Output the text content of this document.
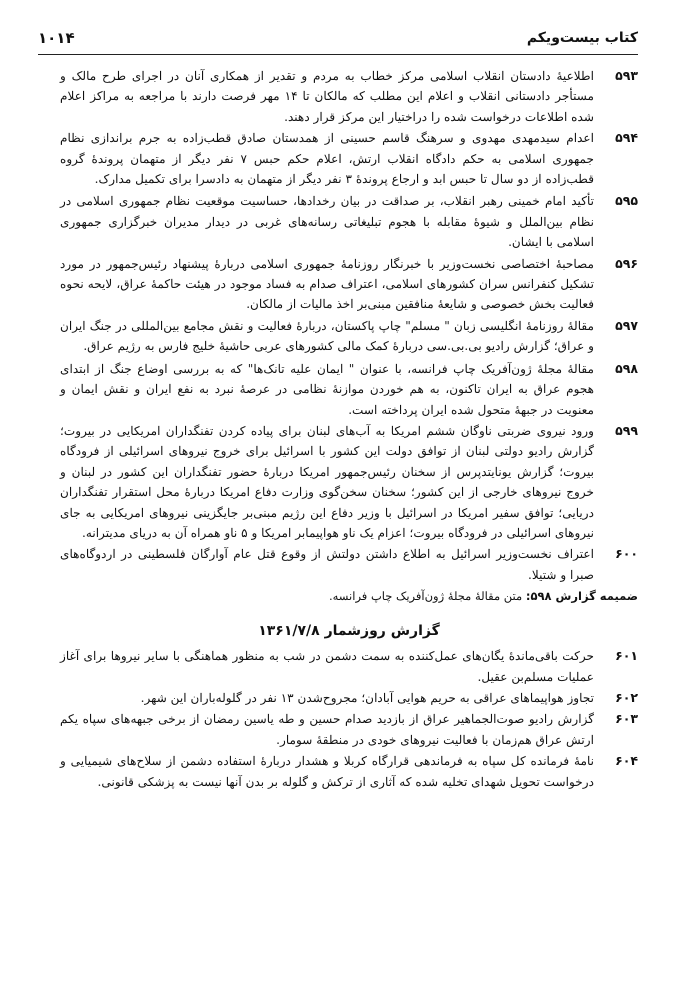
کتاب بیست‌ویکم
۱۰۱۴
۵۹۳
اطلاعیهٔ دادستان انقلاب اسلامی مرکز خطاب به مردم و تقدیر از همکاری آنان در اجرای طرح مالک و مستأجر دادستانی انقلاب و اعلام این مطلب که مالکان تا ۱۴ مهر فرصت دارند با مراجعه به مراکز اعلام شده اطلاعات درخواست شده را دراختیار این مرکز قرار دهند.
۵۹۴
اعدام سیدمهدی مهدوی و سرهنگ قاسم حسینی از همدستان صادق قطب‌زاده به جرم براندازی نظام جمهوری اسلامی به حکم دادگاه انقلاب ارتش، اعلام حکم حبس ۷ نفر دیگر از متهمان پروندهٔ گروه قطب‌زاده از دو سال تا حبس ابد و ارجاع پروندهٔ ۳ نفر دیگر از متهمان به دادسرا برای تکمیل مدارک.
۵۹۵
تأکید امام خمینی رهبر انقلاب، بر صداقت در بیان رخدادها، حساسیت موقعیت نظام جمهوری اسلامی در نظام بین‌الملل و شیوهٔ مقابله با هجوم تبلیغاتی رسانه‌های غربی در دیدار مدیران خبرگزاری جمهوری اسلامی با ایشان.
۵۹۶
مصاحبهٔ اختصاصی نخست‌وزیر با خبرنگار روزنامهٔ جمهوری اسلامی دربارهٔ پیشنهاد رئیس‌جمهور در مورد تشکیل کنفرانس سران کشورهای اسلامی، اعتراف صدام به فساد موجود در هیئت حاکمهٔ عراق، لایحه نحوه فعالیت بخش خصوصی و شایعهٔ منافقین مبنی‌بر اخذ مالیات از مالکان.
۵۹۷
مقالهٔ روزنامهٔ انگلیسی زبان " مسلم" چاپ پاکستان، دربارهٔ فعالیت و نقش مجامع بین‌المللی در جنگ ایران و عراق؛ گزارش رادیو بی.بی.سی دربارهٔ کمک مالی کشورهای عربی حاشیهٔ خلیج فارس به رژیم عراق.
۵۹۸
مقالهٔ مجلهٔ ژون‌آفریک چاپ فرانسه، با عنوان " ایمان علیه تانک‌ها" که به بررسی اوضاع جنگ از ابتدای هجوم عراق به ایران تاکنون، به هم خوردن موازنهٔ نظامی در عرصهٔ نبرد به نفع ایران و نقش ایمان و معنویت در جبههٔ متحول شده ایران پرداخته است.
۵۹۹
ورود نیروی ضربتی ناوگان ششم امریکا به آب‌های لبنان برای پیاده کردن تفنگداران امریکایی در بیروت؛ گزارش رادیو دولتی لبنان از توافق دولت این کشور با اسرائیل برای خروج نیروهای اسرائیلی از فرودگاه بیروت؛ گزارش یونایتدپرس از سخنان رئیس‌جمهور امریکا دربارهٔ حضور تفنگداران این کشور در لبنان و خروج نیروهای خارجی از این کشور؛ سخنان سخن‌گوی وزارت دفاع امریکا دربارهٔ محل استقرار تفنگداران دریایی؛ توافق سفیر امریکا در اسرائیل با وزیر دفاع این رژیم مبنی‌بر جایگزینی نیروهای امریکایی به جای نیروهای اسرائیلی در فرودگاه بیروت؛ اعزام یک ناو هواپیمابر امریکا و ۵ ناو همراه آن به دریای مدیترانه.
۶۰۰
اعتراف نخست‌وزیر اسرائیل به اطلاع داشتن دولتش از وقوع قتل عام آوارگان فلسطینی در اردوگاه‌های صبرا و شتیلا.
ضمیمه گزارش ۵۹۸: متن مقالهٔ مجلهٔ ژون‌آفریک چاپ فرانسه.
گزارش روزشمار ۱۳۶۱/۷/۸
۶۰۱
حرکت باقی‌ماندهٔ یگان‌های عمل‌کننده به سمت دشمن در شب به منظور هماهنگی با سایر نیروها برای آغاز عملیات مسلم‌بن عقیل.
۶۰۲
تجاوز هواپیماهای عراقی به حریم هوایی آبادان؛ مجروح‌شدن ۱۳ نفر در گلوله‌باران این شهر.
۶۰۳
گزارش رادیو صوت‌الجماهیر عراق از بازدید صدام حسین و طه یاسین رمضان از برخی جبهه‌های سپاه یکم ارتش عراق هم‌زمان با فعالیت نیروهای خودی در منطقهٔ سومار.
۶۰۴
نامهٔ فرمانده کل سپاه به فرماندهی قرارگاه کربلا و هشدار دربارهٔ استفاده دشمن از سلاح‌های شیمیایی و درخواست تحویل شهدای تخلیه شده که آثاری از ترکش و گلوله بر بدن آنها نیست به پزشکی قانونی.
